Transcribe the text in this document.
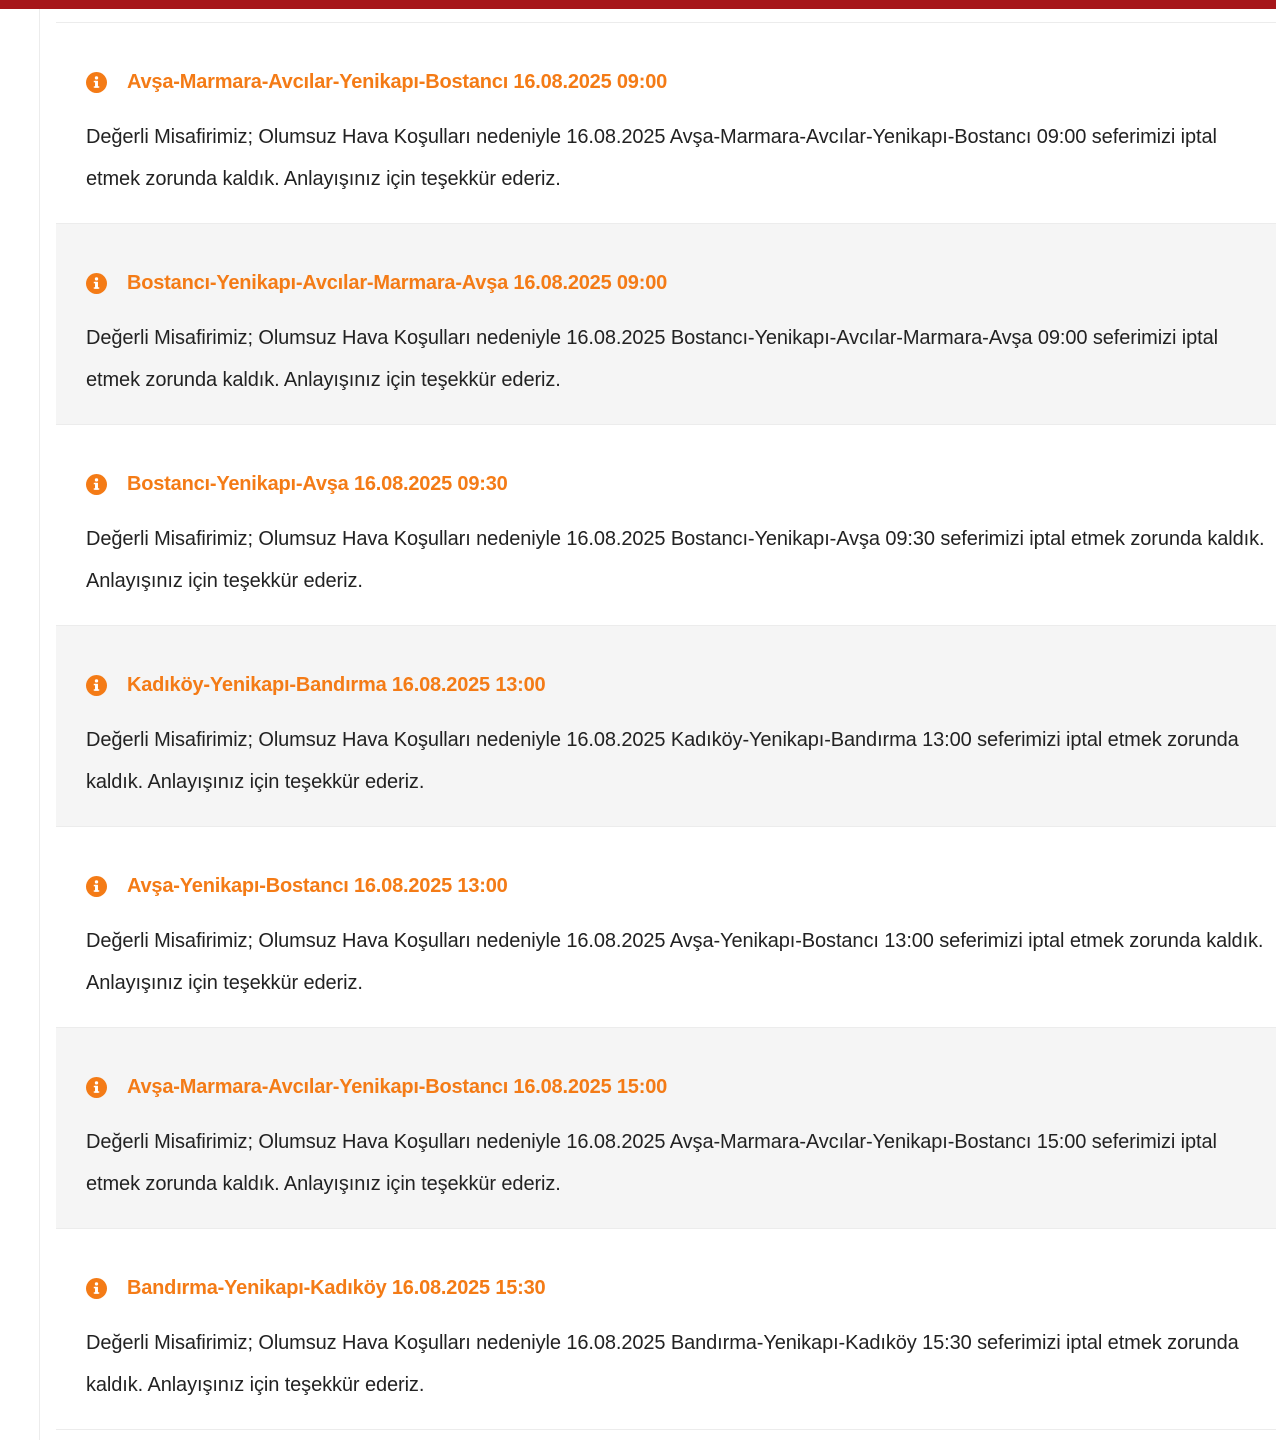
Avşa-Marmara-Avcılar-Yenikapı-Bostancı 16.08.2025 09:00
Değerli Misafirimiz; Olumsuz Hava Koşulları nedeniyle 16.08.2025 Avşa-Marmara-Avcılar-Yenikapı-Bostancı 09:00 seferimizi iptal etmek zorunda kaldık. Anlayışınız için teşekkür ederiz.
Bostancı-Yenikapı-Avcılar-Marmara-Avşa 16.08.2025 09:00
Değerli Misafirimiz; Olumsuz Hava Koşulları nedeniyle 16.08.2025 Bostancı-Yenikapı-Avcılar-Marmara-Avşa 09:00 seferimizi iptal etmek zorunda kaldık. Anlayışınız için teşekkür ederiz.
Bostancı-Yenikapı-Avşa 16.08.2025 09:30
Değerli Misafirimiz; Olumsuz Hava Koşulları nedeniyle 16.08.2025 Bostancı-Yenikapı-Avşa 09:30 seferimizi iptal etmek zorunda kaldık. Anlayışınız için teşekkür ederiz.
Kadıköy-Yenikapı-Bandırma 16.08.2025 13:00
Değerli Misafirimiz; Olumsuz Hava Koşulları nedeniyle 16.08.2025 Kadıköy-Yenikapı-Bandırma 13:00 seferimizi iptal etmek zorunda kaldık. Anlayışınız için teşekkür ederiz.
Avşa-Yenikapı-Bostancı 16.08.2025 13:00
Değerli Misafirimiz; Olumsuz Hava Koşulları nedeniyle 16.08.2025 Avşa-Yenikapı-Bostancı 13:00 seferimizi iptal etmek zorunda kaldık. Anlayışınız için teşekkür ederiz.
Avşa-Marmara-Avcılar-Yenikapı-Bostancı 16.08.2025 15:00
Değerli Misafirimiz; Olumsuz Hava Koşulları nedeniyle 16.08.2025 Avşa-Marmara-Avcılar-Yenikapı-Bostancı 15:00 seferimizi iptal etmek zorunda kaldık. Anlayışınız için teşekkür ederiz.
Bandırma-Yenikapı-Kadıköy 16.08.2025 15:30
Değerli Misafirimiz; Olumsuz Hava Koşulları nedeniyle 16.08.2025 Bandırma-Yenikapı-Kadıköy 15:30 seferimizi iptal etmek zorunda kaldık. Anlayışınız için teşekkür ederiz.
